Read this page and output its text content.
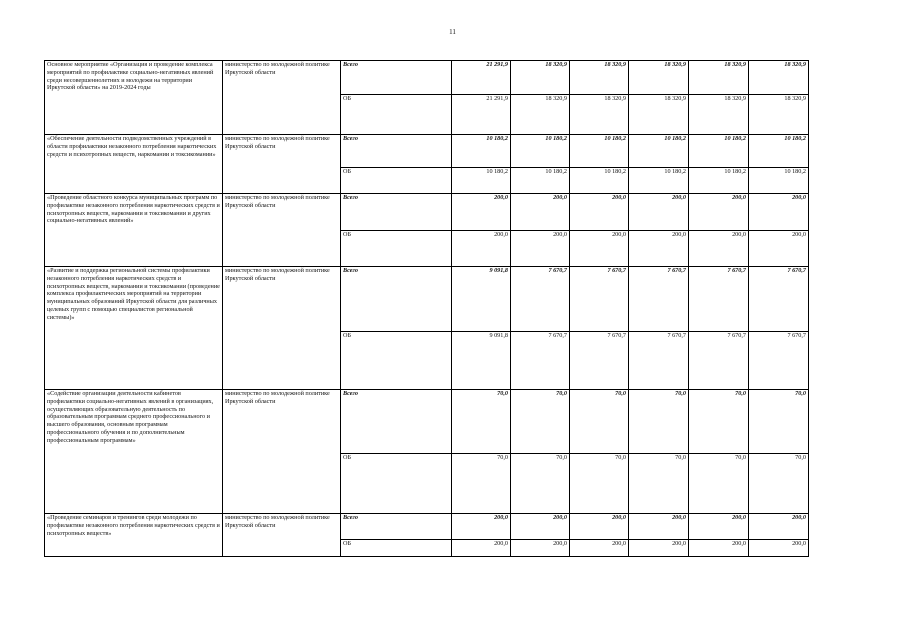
11
Основное мероприятие «Организация и проведение комплекса мероприятий по профилактике социально-негативных явлений среди несовершеннолетних и молодежи на территории Иркутской области» на 2019-2024 годы	министерство по молодежной политике Иркутской области	Всего	21 291,9	18 320,9	18 320,9	18 320,9	18 320,9	18 320,9
		ОБ	21 291,9	18 320,9	18 320,9	18 320,9	18 320,9	18 320,9
«Обеспечение деятельности подведомственных учреждений в области профилактики незаконного потребления наркотических средств и психотропных веществ, наркомании и токсикомании»	министерство по молодежной политике Иркутской области	Всего	10 180,2	10 180,2	10 180,2	10 180,2	10 180,2	10 180,2
		ОБ	10 180,2	10 180,2	10 180,2	10 180,2	10 180,2	10 180,2
«Проведение областного конкурса муниципальных программ по профилактике незаконного потребления наркотических средств и психотропных веществ, наркомании и токсикомании и других социально-негативных явлений»	министерство по молодежной политике Иркутской области	Всего	200,0	200,0	200,0	200,0	200,0	200,0
		ОБ	200,0	200,0	200,0	200,0	200,0	200,0
«Развитие и поддержка региональной системы профилактики незаконного потребления наркотических средств и психотропных веществ, наркомании и токсикомании (проведение комплекса профилактических мероприятий на территории муниципальных образований Иркутской области для различных целевых групп с помощью специалистов региональной системы)»	министерство по молодежной политике Иркутской области	Всего	9 091,8	7 670,7	7 670,7	7 670,7	7 670,7	7 670,7
		ОБ	9 091,8	7 670,7	7 670,7	7 670,7	7 670,7	7 670,7
«Содействие организации деятельности кабинетов профилактики социально-негативных явлений в организациях, осуществляющих образовательную деятельность по образовательным программам среднего профессионального и высшего образования, основным программам профессионального обучения и по дополнительным профессиональным программам»	министерство по молодежной политике Иркутской области	Всего	70,0	70,0	70,0	70,0	70,0	70,0
		ОБ	70,0	70,0	70,0	70,0	70,0	70,0
«Проведение семинаров и тренингов среди молодежи по профилактике незаконного потребления наркотических средств и психотропных веществ»	министерство по молодежной политике Иркутской области	Всего	200,0	200,0	200,0	200,0	200,0	200,0
		ОБ	200,0	200,0	200,0	200,0	200,0	200,0
